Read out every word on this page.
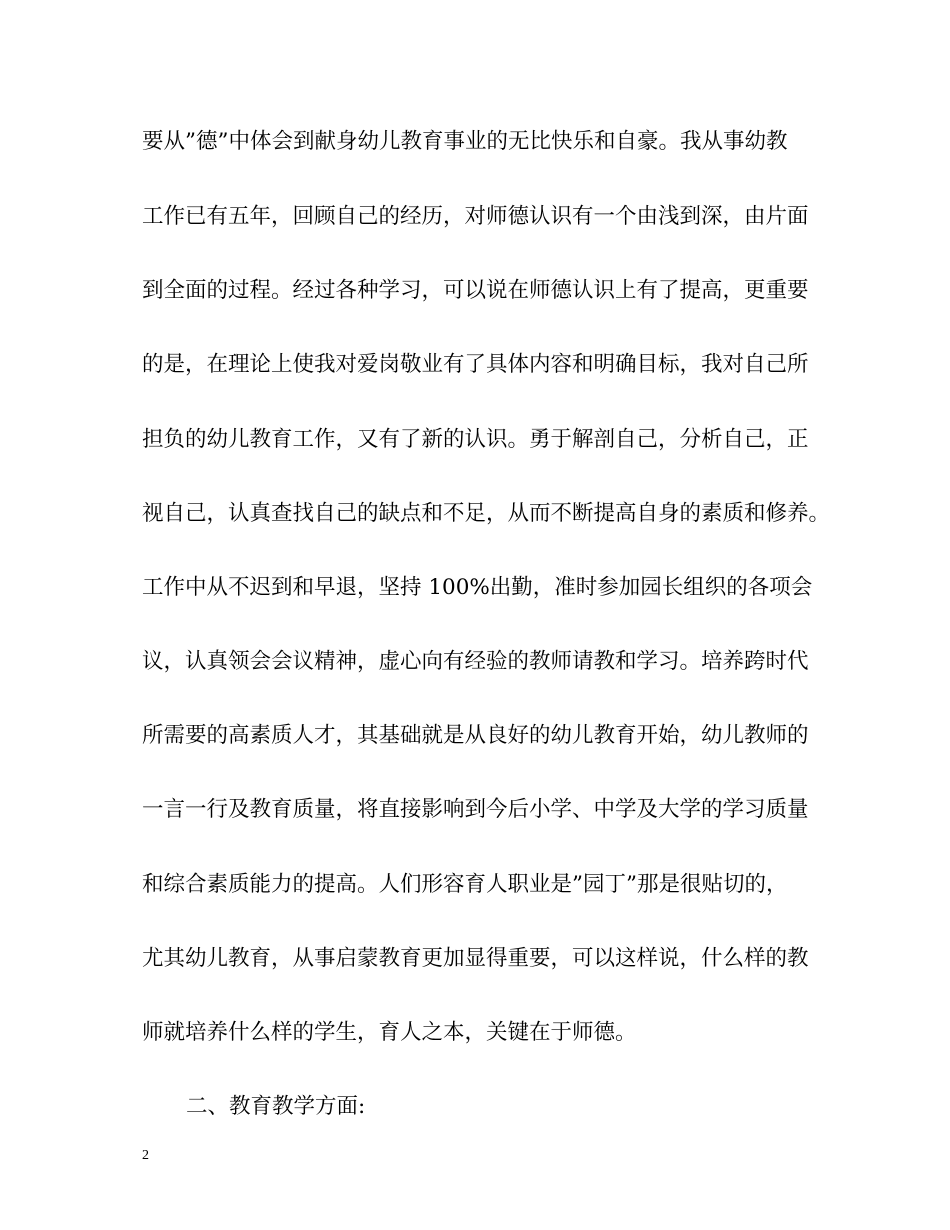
要从”德”中体会到献身幼儿教育事业的无比快乐和自豪。我从事幼教
工作已有五年，回顾自己的经历，对师德认识有一个由浅到深，由片面
到全面的过程。经过各种学习，可以说在师德认识上有了提高，更重要
的是，在理论上使我对爱岗敬业有了具体内容和明确目标，我对自己所
担负的幼儿教育工作，又有了新的认识。勇于解剖自己，分析自己，正
视自己，认真查找自己的缺点和不足，从而不断提高自身的素质和修养。
工作中从不迟到和早退，坚持 100%出勤，准时参加园长组织的各项会
议，认真领会会议精神，虚心向有经验的教师请教和学习。培养跨时代
所需要的高素质人才，其基础就是从良好的幼儿教育开始，幼儿教师的
一言一行及教育质量，将直接影响到今后小学、中学及大学的学习质量
和综合素质能力的提高。人们形容育人职业是”园丁”那是很贴切的，
尤其幼儿教育，从事启蒙教育更加显得重要，可以这样说，什么样的教
师就培养什么样的学生，育人之本，关键在于师德。
二、教育教学方面:
2
